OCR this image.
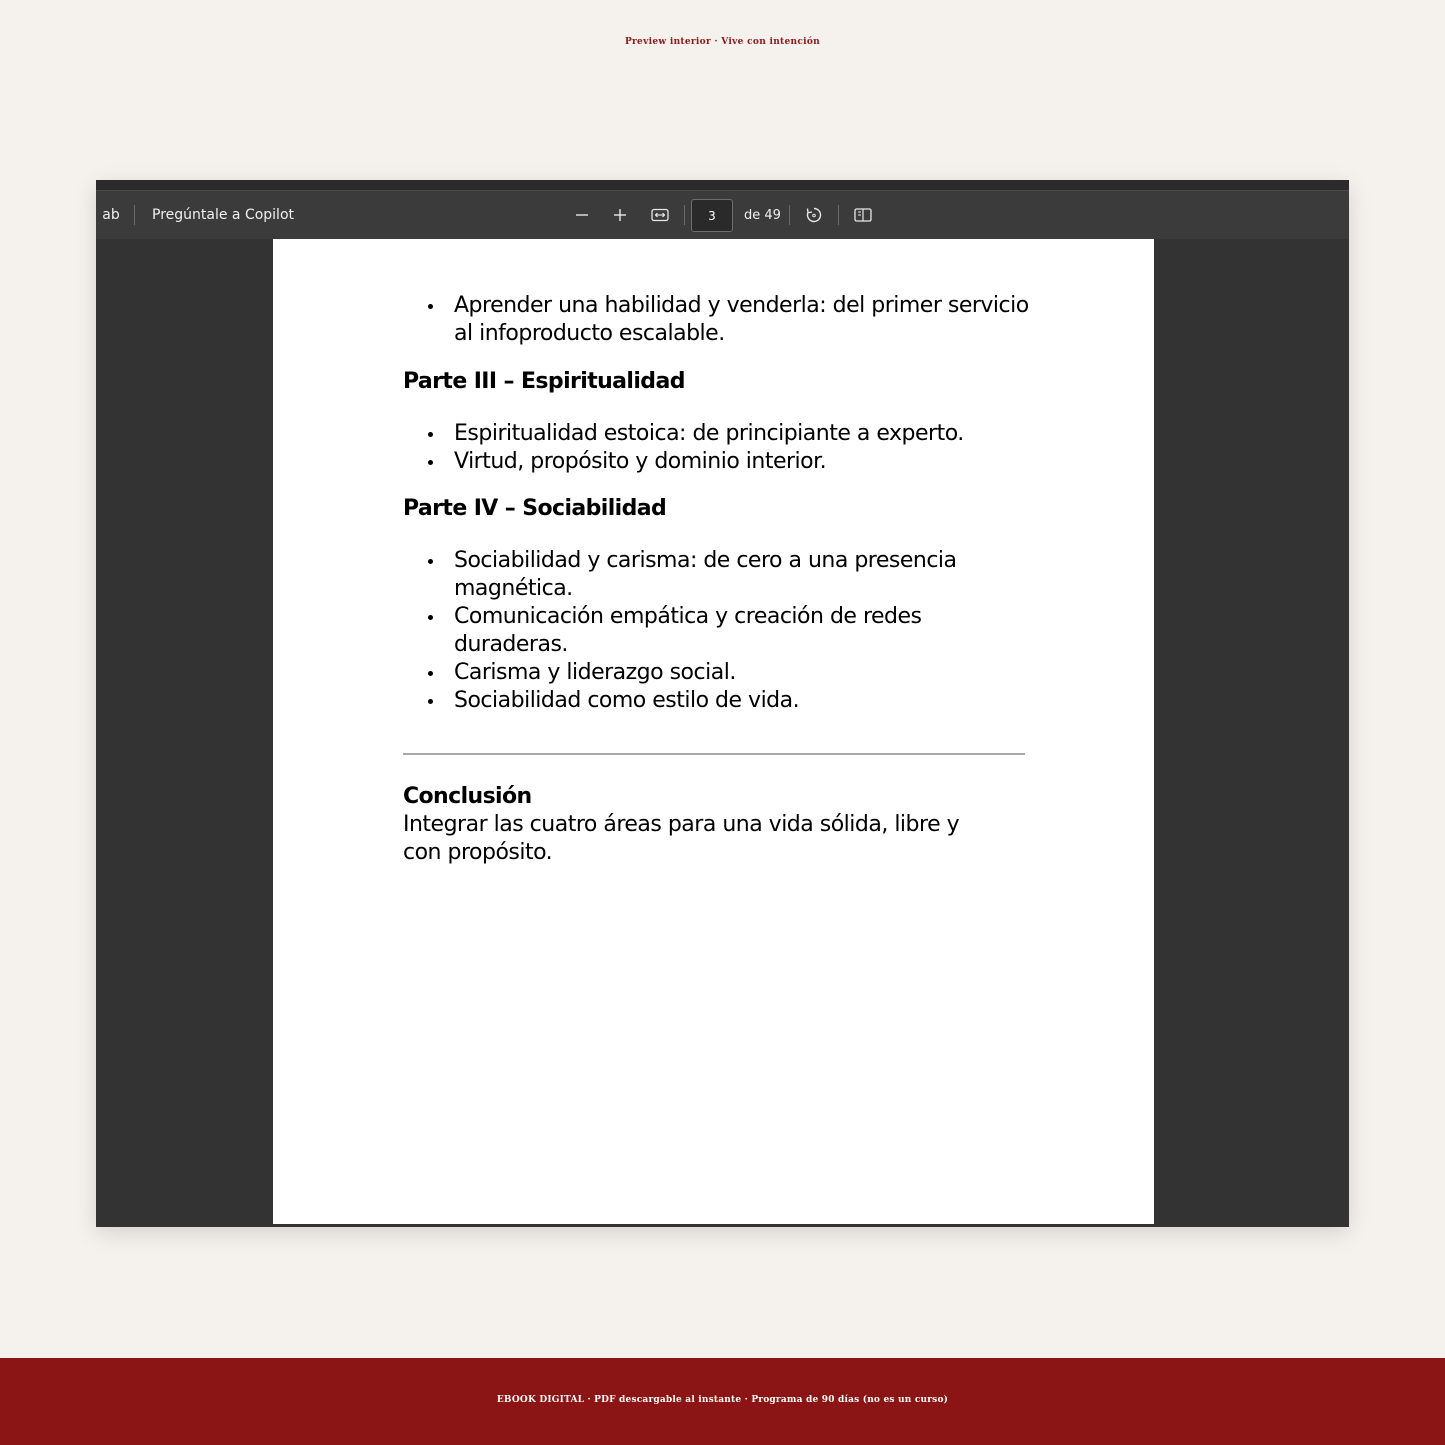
Preview interior · Vive con intención
ab Pregúntale a Copilot	3	de 49
Aprender una habilidad y venderla: del primer servicio al infoproducto escalable.
Parte III – Espiritualidad
Espiritualidad estoica: de principiante a experto.
Virtud, propósito y dominio interior.
Parte IV – Sociabilidad
Sociabilidad y carisma: de cero a una presencia magnética.
Comunicación empática y creación de redes duraderas.
Carisma y liderazgo social.
Sociabilidad como estilo de vida.
Conclusión

Integrar las cuatro áreas para una vida sólida, libre y con propósito.

EBOOK DIGITAL · PDF descargable al instante · Programa de 90 días (no es un curso)
